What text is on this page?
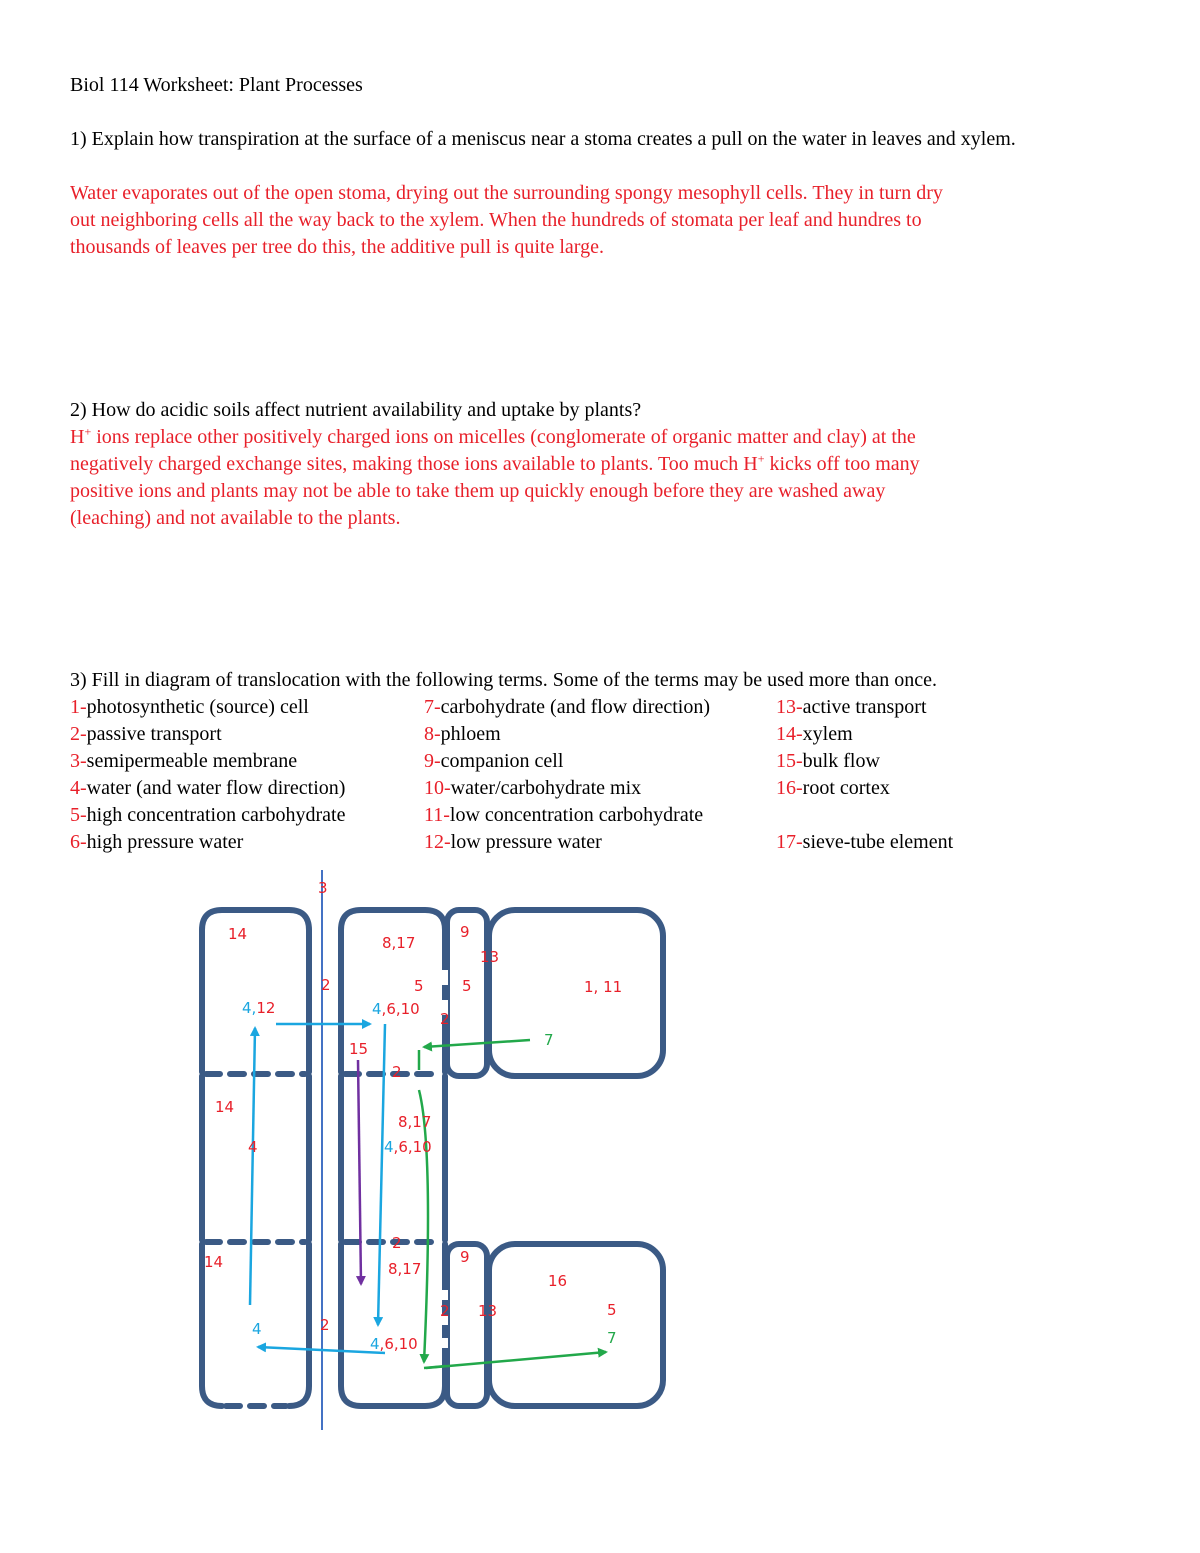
Biol 114 Worksheet: Plant Processes
1) Explain how transpiration at the surface of a meniscus near a stoma creates a pull on the water in leaves and xylem.
Water evaporates out of the open stoma, drying out the surrounding spongy mesophyll cells. They in turn dry
out neighboring cells all the way back to the xylem. When the hundreds of stomata per leaf and hundres to
thousands of leaves per tree do this, the additive pull is quite large.
2) How do acidic soils affect nutrient availability and uptake by plants?
H+ ions replace other positively charged ions on micelles (conglomerate of organic matter and clay) at the
negatively charged exchange sites, making those ions available to plants. Too much H+ kicks off too many
positive ions and plants may not be able to take them up quickly enough before they are washed away
(leaching) and not available to the plants.
3) Fill in diagram of translocation with the following terms. Some of the terms may be used more than once.
1-photosynthetic (source) cell	7-carbohydrate (and flow direction)	13-active transport
2-passive transport	8-phloem	14-xylem
3-semipermeable membrane	9-companion cell	15-bulk flow
4-water (and water flow direction)	10-water/carbohydrate mix	16-root cortex
5-high concentration carbohydrate	11-low concentration carbohydrate
6-high pressure water	12-low pressure water	17-sieve-tube element
3
14
14
14
4,12
4
4
2
2
8,17
5
4,6,10
15
2
8,17
4,6,10
2
8,17
4,6,10
9
13
5
2
9
13
2
1, 11
7
16
5
7
